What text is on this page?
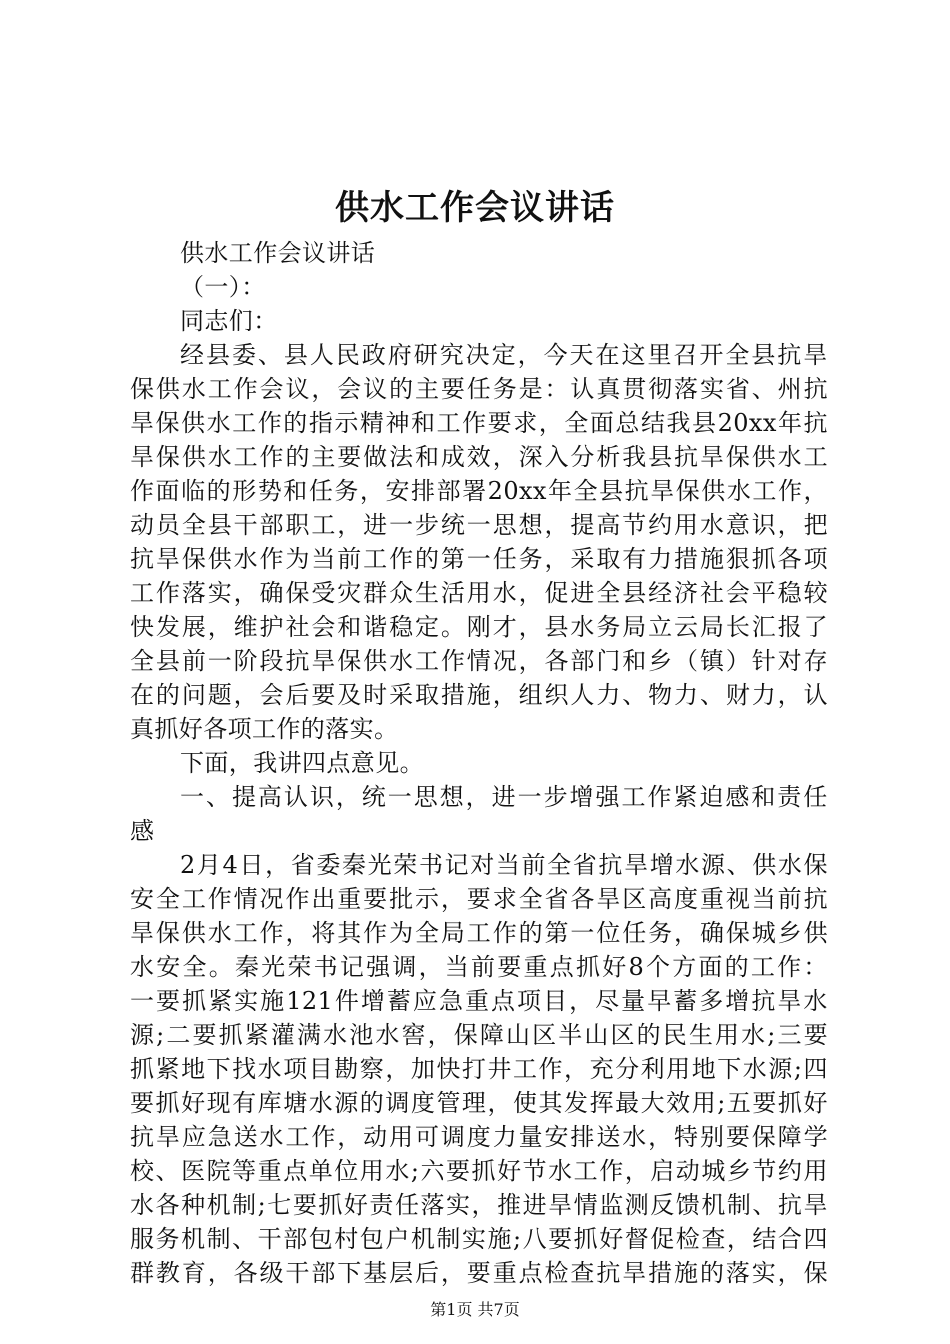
供水工作会议讲话
供水工作会议讲话
（一）：
同志们：
经 县 委 、 县 人 民 政 府 研 究 决 定 ， 今 天 在 这 里 召 开 全 县 抗 旱
保 供 水 工 作 会 议 ， 会 议 的 主 要 任 务 是 ： 认 真 贯 彻 落 实 省 、 州 抗
旱 保 供 水 工 作 的 指 示 精 神 和 工 作 要 求 ， 全 面 总 结 我 县 20xx 年 抗
旱 保 供 水 工 作 的 主 要 做 法 和 成 效 ， 深 入 分 析 我 县 抗 旱 保 供 水 工
作 面 临 的 形 势 和 任 务 ， 安 排 部 署 20xx 年 全 县 抗 旱 保 供 水 工 作 ，
动 员 全 县 干 部 职 工 ， 进 一 步 统 一 思 想 ， 提 高 节 约 用 水 意 识 ， 把
抗 旱 保 供 水 作 为 当 前 工 作 的 第 一 任 务 ， 采 取 有 力 措 施 狠 抓 各 项
工 作 落 实 ， 确 保 受 灾 群 众 生 活 用 水 ， 促 进 全 县 经 济 社 会 平 稳 较
快 发 展 ， 维 护 社 会 和 谐 稳 定 。 刚 才 ， 县 水 务 局 立 云 局 长 汇 报 了
全 县 前 一 阶 段 抗 旱 保 供 水 工 作 情 况 ， 各 部 门 和 乡 （ 镇 ） 针 对 存
在 的 问 题 ， 会 后 要 及 时 采 取 措 施 ， 组 织 人 力 、 物 力 、 财 力 ， 认
真抓好各项工作的落实。
下面，我讲四点意见。
一 、 提 高 认 识 ， 统 一 思 想 ， 进 一 步 增 强 工 作 紧 迫 感 和 责 任
感
2 月 4 日 ， 省 委 秦 光 荣 书 记 对 当 前 全 省 抗 旱 增 水 源 、 供 水 保
安 全 工 作 情 况 作 出 重 要 批 示 ， 要 求 全 省 各 旱 区 高 度 重 视 当 前 抗
旱 保 供 水 工 作 ， 将 其 作 为 全 局 工 作 的 第 一 位 任 务 ， 确 保 城 乡 供
水 安 全 。 秦 光 荣 书 记 强 调 ， 当 前 要 重 点 抓 好 8 个 方 面 的 工 作 ：
一 要 抓 紧 实 施 121 件 增 蓄 应 急 重 点 项 目 ， 尽 量 早 蓄 多 增 抗 旱 水
源 ; 二 要 抓 紧 灌 满 水 池 水 窖 ， 保 障 山 区 半 山 区 的 民 生 用 水 ; 三 要
抓 紧 地 下 找 水 项 目 勘 察 ， 加 快 打 井 工 作 ， 充 分 利 用 地 下 水 源 ; 四
要 抓 好 现 有 库 塘 水 源 的 调 度 管 理 ， 使 其 发 挥 最 大 效 用 ; 五 要 抓 好
抗 旱 应 急 送 水 工 作 ， 动 用 可 调 度 力 量 安 排 送 水 ， 特 别 要 保 障 学
校 、 医 院 等 重 点 单 位 用 水 ; 六 要 抓 好 节 水 工 作 ， 启 动 城 乡 节 约 用
水 各 种 机 制 ; 七 要 抓 好 责 任 落 实 ， 推 进 旱 情 监 测 反 馈 机 制 、 抗 旱
服 务 机 制 、 干 部 包 村 包 户 机 制 实 施 ; 八 要 抓 好 督 促 检 查 ， 结 合 四
群 教 育 ， 各 级 干 部 下 基 层 后 ， 要 重 点 检 查 抗 旱 措 施 的 落 实 ， 保
第1页 共7页
